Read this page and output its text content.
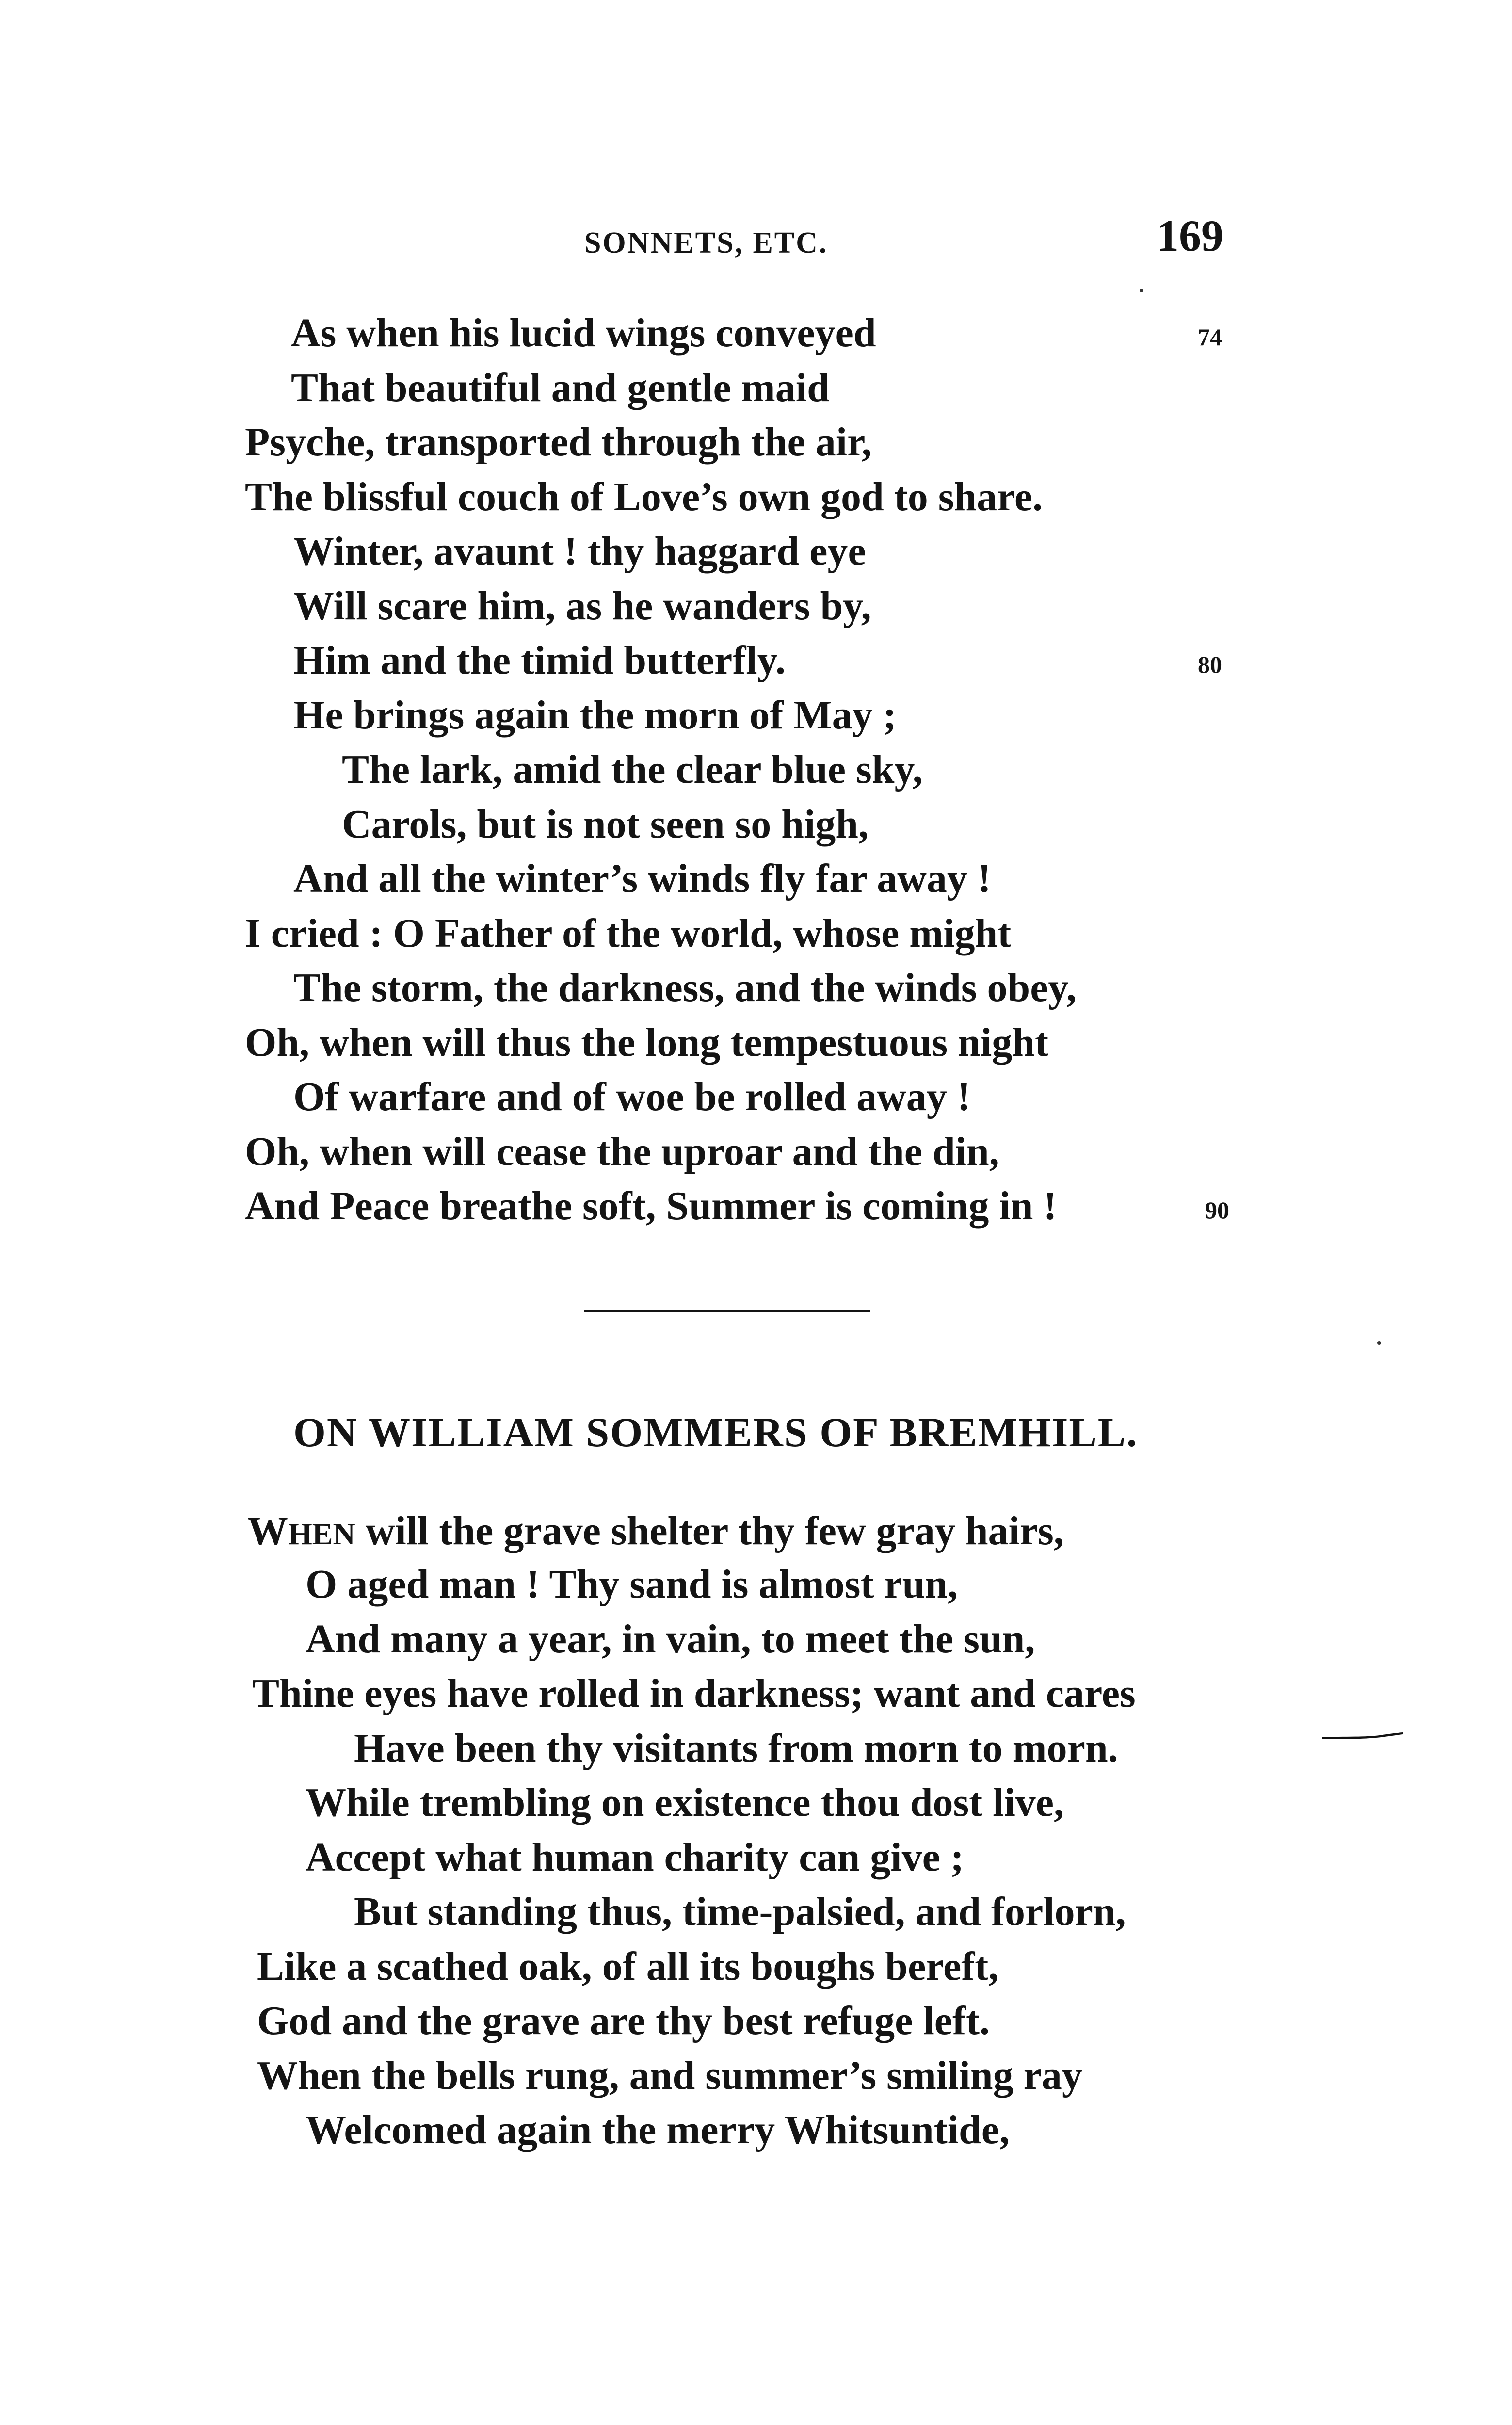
SONNETS, ETC.	169
As when his lucid wings conveyed
That beautiful and gentle maid
Psyche, transported through the air,
The blissful couch of Love’s own god to share.
Winter, avaunt ! thy haggard eye
Will scare him, as he wanders by,
Him and the timid butterfly.
He brings again the morn of May ;
The lark, amid the clear blue sky,
Carols, but is not seen so high,
And all the winter’s winds fly far away !
I cried : O Father of the world, whose might
The storm, the darkness, and the winds obey,
Oh, when will thus the long tempestuous night
Of warfare and of woe be rolled away !
Oh, when will cease the uproar and the din,
And Peace breathe soft, Summer is coming in !
74
80
90
ON WILLIAM SOMMERS OF BREMHILL.
WHEN will the grave shelter thy few gray hairs,
O aged man ! Thy sand is almost run,
And many a year, in vain, to meet the sun,
Thine eyes have rolled in darkness; want and cares
Have been thy visitants from morn to morn.
While trembling on existence thou dost live,
Accept what human charity can give ;
But standing thus, time-palsied, and forlorn,
Like a scathed oak, of all its boughs bereft,
God and the grave are thy best refuge left.
When the bells rung, and summer’s smiling ray
Welcomed again the merry Whitsuntide,
